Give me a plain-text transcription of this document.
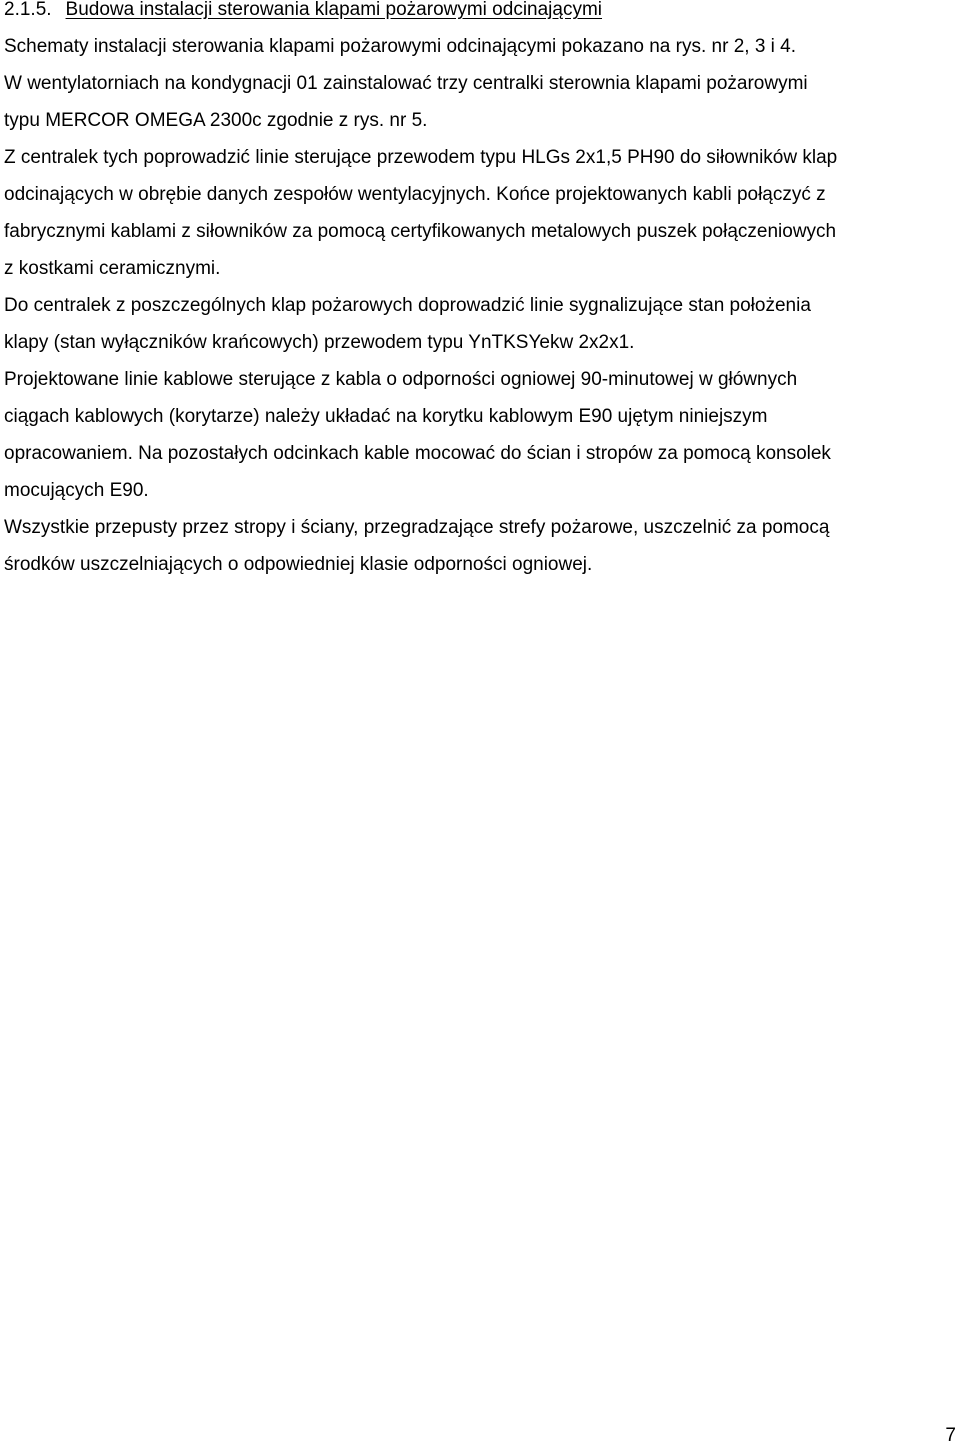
2.1.5. Budowa instalacji sterowania klapami pożarowymi odcinającymi
Schematy instalacji sterowania klapami pożarowymi odcinającymi pokazano na rys. nr 2, 3 i 4.
W wentylatorniach na kondygnacji 01 zainstalować trzy centralki sterownia klapami pożarowymi
typu MERCOR OMEGA 2300c zgodnie z rys. nr 5.
Z centralek tych poprowadzić linie sterujące przewodem typu HLGs 2x1,5 PH90 do siłowników klap
odcinających w obrębie danych zespołów wentylacyjnych. Końce projektowanych kabli połączyć z
fabrycznymi kablami z siłowników za pomocą certyfikowanych metalowych puszek połączeniowych
z kostkami ceramicznymi.
Do centralek z poszczególnych klap pożarowych doprowadzić linie sygnalizujące stan położenia
klapy (stan wyłączników krańcowych) przewodem typu YnTKSYekw 2x2x1.
Projektowane linie kablowe sterujące z kabla o odporności ogniowej 90-minutowej w głównych
ciągach kablowych (korytarze) należy układać na korytku kablowym E90 ujętym niniejszym
opracowaniem. Na pozostałych odcinkach kable mocować do ścian i stropów za pomocą konsolek
mocujących E90.
Wszystkie przepusty przez stropy i ściany, przegradzające strefy pożarowe, uszczelnić za pomocą
środków uszczelniających o odpowiedniej klasie odporności ogniowej.
7
